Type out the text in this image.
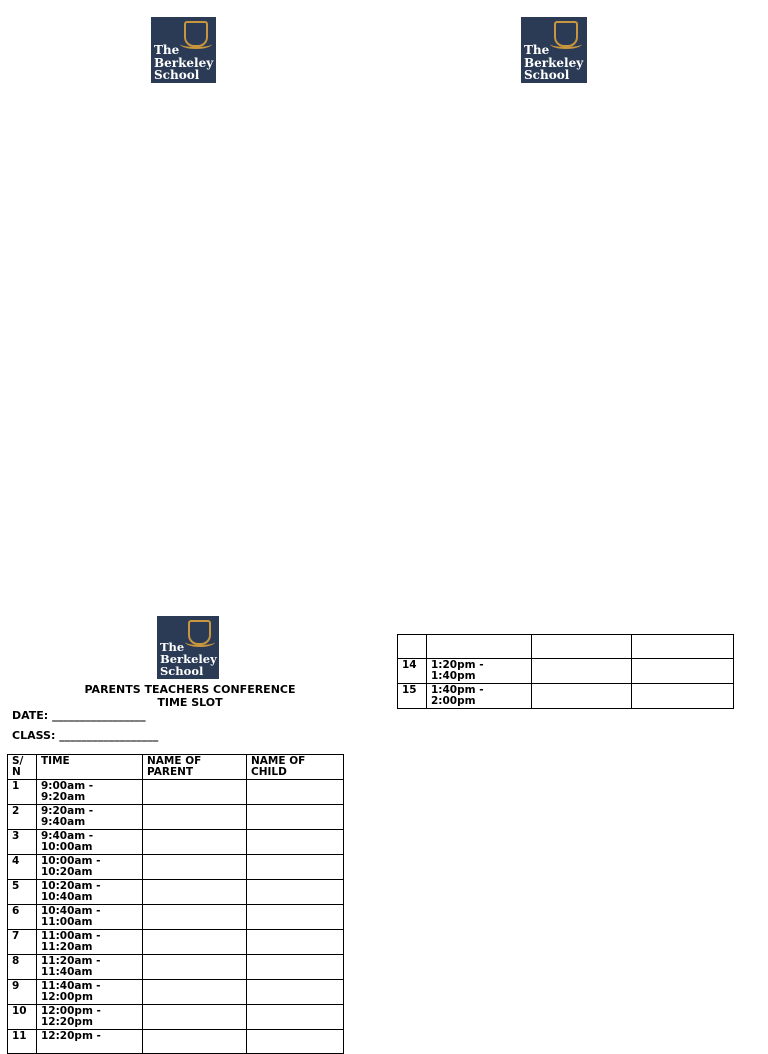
The
Berkeley
School
The
Berkeley
School
The
Berkeley
School
PARENTS TEACHERS CONFERENCE
TIME SLOT
DATE: _________________
CLASS: __________________
S/ N	TIME	NAME OF PARENT	NAME OF CHILD
1	9:00am - 9:20am		
2	9:20am - 9:40am		
3	9:40am - 10:00am		
4	10:00am - 10:20am		
5	10:20am - 10:40am		
6	10:40am - 11:00am		
7	11:00am - 11:20am		
8	11:20am - 11:40am		
9	11:40am - 12:00pm		
10	12:00pm - 12:20pm		
11	12:20pm -		

14	1:20pm - 1:40pm		
15	1:40pm - 2:00pm		
